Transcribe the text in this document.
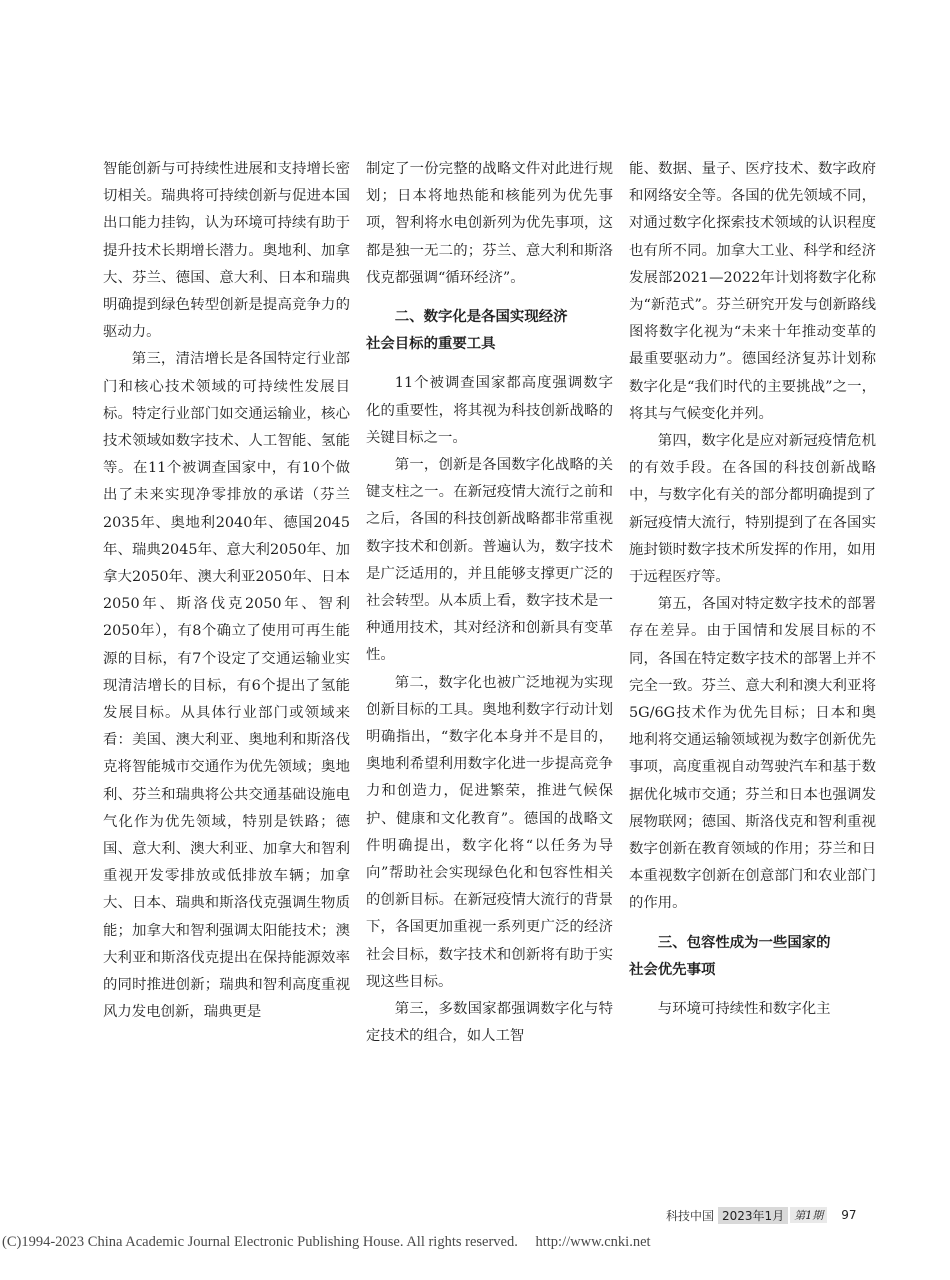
智能创新与可持续性进展和支持增长密切相关。瑞典将可持续创新与促进本国出口能力挂钩，认为环境可持续有助于提升技术长期增长潜力。奥地利、加拿大、芬兰、德国、意大利、日本和瑞典明确提到绿色转型创新是提高竞争力的驱动力。

第三，清洁增长是各国特定行业部门和核心技术领域的可持续性发展目标。特定行业部门如交通运输业，核心技术领域如数字技术、人工智能、氢能等。在11个被调查国家中，有10个做出了未来实现净零排放的承诺（芬兰2035年、奥地利2040年、德国2045年、瑞典2045年、意大利2050年、加拿大2050年、澳大利亚2050年、日本2050年、斯洛伐克2050年、智利2050年），有8个确立了使用可再生能源的目标，有7个设定了交通运输业实现清洁增长的目标，有6个提出了氢能发展目标。从具体行业部门或领域来看：美国、澳大利亚、奥地利和斯洛伐克将智能城市交通作为优先领域；奥地利、芬兰和瑞典将公共交通基础设施电气化作为优先领域，特别是铁路；德国、意大利、澳大利亚、加拿大和智利重视开发零排放或低排放车辆；加拿大、日本、瑞典和斯洛伐克强调生物质能；加拿大和智利强调太阳能技术；澳大利亚和斯洛伐克提出在保持能源效率的同时推进创新；瑞典和智利高度重视风力发电创新，瑞典更是

制定了一份完整的战略文件对此进行规划；日本将地热能和核能列为优先事项，智利将水电创新列为优先事项，这都是独一无二的；芬兰、意大利和斯洛伐克都强调“循环经济”。

二、数字化是各国实现经济
社会目标的重要工具

11个被调查国家都高度强调数字化的重要性，将其视为科技创新战略的关键目标之一。

第一，创新是各国数字化战略的关键支柱之一。在新冠疫情大流行之前和之后，各国的科技创新战略都非常重视数字技术和创新。普遍认为，数字技术是广泛适用的，并且能够支撑更广泛的社会转型。从本质上看，数字技术是一种通用技术，其对经济和创新具有变革性。

第二，数字化也被广泛地视为实现创新目标的工具。奥地利数字行动计划明确指出，“数字化本身并不是目的，奥地利希望利用数字化进一步提高竞争力和创造力，促进繁荣，推进气候保护、健康和文化教育”。德国的战略文件明确提出，数字化将“以任务为导向”帮助社会实现绿色化和包容性相关的创新目标。在新冠疫情大流行的背景下，各国更加重视一系列更广泛的经济社会目标，数字技术和创新将有助于实现这些目标。

第三，多数国家都强调数字化与特定技术的组合，如人工智

能、数据、量子、医疗技术、数字政府和网络安全等。各国的优先领域不同，对通过数字化探索技术领域的认识程度也有所不同。加拿大工业、科学和经济发展部2021—2022年计划将数字化称为“新范式”。芬兰研究开发与创新路线图将数字化视为“未来十年推动变革的最重要驱动力”。德国经济复苏计划称数字化是“我们时代的主要挑战”之一，将其与气候变化并列。

第四，数字化是应对新冠疫情危机的有效手段。在各国的科技创新战略中，与数字化有关的部分都明确提到了新冠疫情大流行，特别提到了在各国实施封锁时数字技术所发挥的作用，如用于远程医疗等。

第五，各国对特定数字技术的部署存在差异。由于国情和发展目标的不同，各国在特定数字技术的部署上并不完全一致。芬兰、意大利和澳大利亚将5G/6G技术作为优先目标；日本和奥地利将交通运输领域视为数字创新优先事项，高度重视自动驾驶汽车和基于数据优化城市交通；芬兰和日本也强调发展物联网；德国、斯洛伐克和智利重视数字创新在教育领域的作用；芬兰和日本重视数字创新在创意部门和农业部门的作用。

三、包容性成为一些国家的
社会优先事项

与环境可持续性和数字化主

科技中国 2023年1月 第1期	97
(C)1994-2023 China Academic Journal Electronic Publishing House. All rights reserved. http://www.cnki.net
